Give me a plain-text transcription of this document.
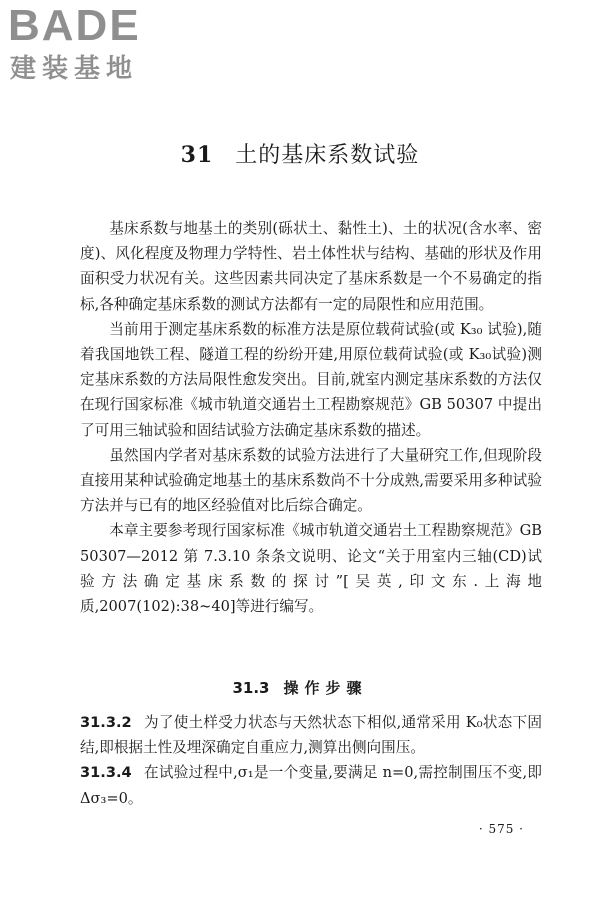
BADE
建装基地
31 土的基床系数试验

基床系数与地基土的类别(砾状土、黏性土)、土的状况(含水率、密度)、风化程度及物理力学特性、岩土体性状与结构、基础的形状及作用面积受力状况有关。这些因素共同决定了基床系数是一个不易确定的指标,各种确定基床系数的测试方法都有一定的局限性和应用范围。

当前用于测定基床系数的标准方法是原位载荷试验(或 K₃₀ 试验),随着我国地铁工程、隧道工程的纷纷开建,用原位载荷试验(或 K₃₀试验)测定基床系数的方法局限性愈发突出。目前,就室内测定基床系数的方法仅在现行国家标准《城市轨道交通岩土工程勘察规范》GB 50307 中提出了可用三轴试验和固结试验方法确定基床系数的描述。

虽然国内学者对基床系数的试验方法进行了大量研究工作,但现阶段直接用某种试验确定地基土的基床系数尚不十分成熟,需要采用多种试验方法并与已有的地区经验值对比后综合确定。

本章主要参考现行国家标准《城市轨道交通岩土工程勘察规范》GB 50307—2012 第 7.3.10 条条文说明、论文“关于用室内三轴(CD)试验方法确定基床系数的探讨”[吴英,印文东.上海地质,2007(102):38~40]等进行编写。

31.3 操作步骤

31.3.2 为了使土样受力状态与天然状态下相似,通常采用 K₀状态下固结,即根据土性及埋深确定自重应力,测算出侧向围压。

31.3.4 在试验过程中,σ₁是一个变量,要满足 n=0,需控制围压不变,即 Δσ₃=0。

· 575 ·
